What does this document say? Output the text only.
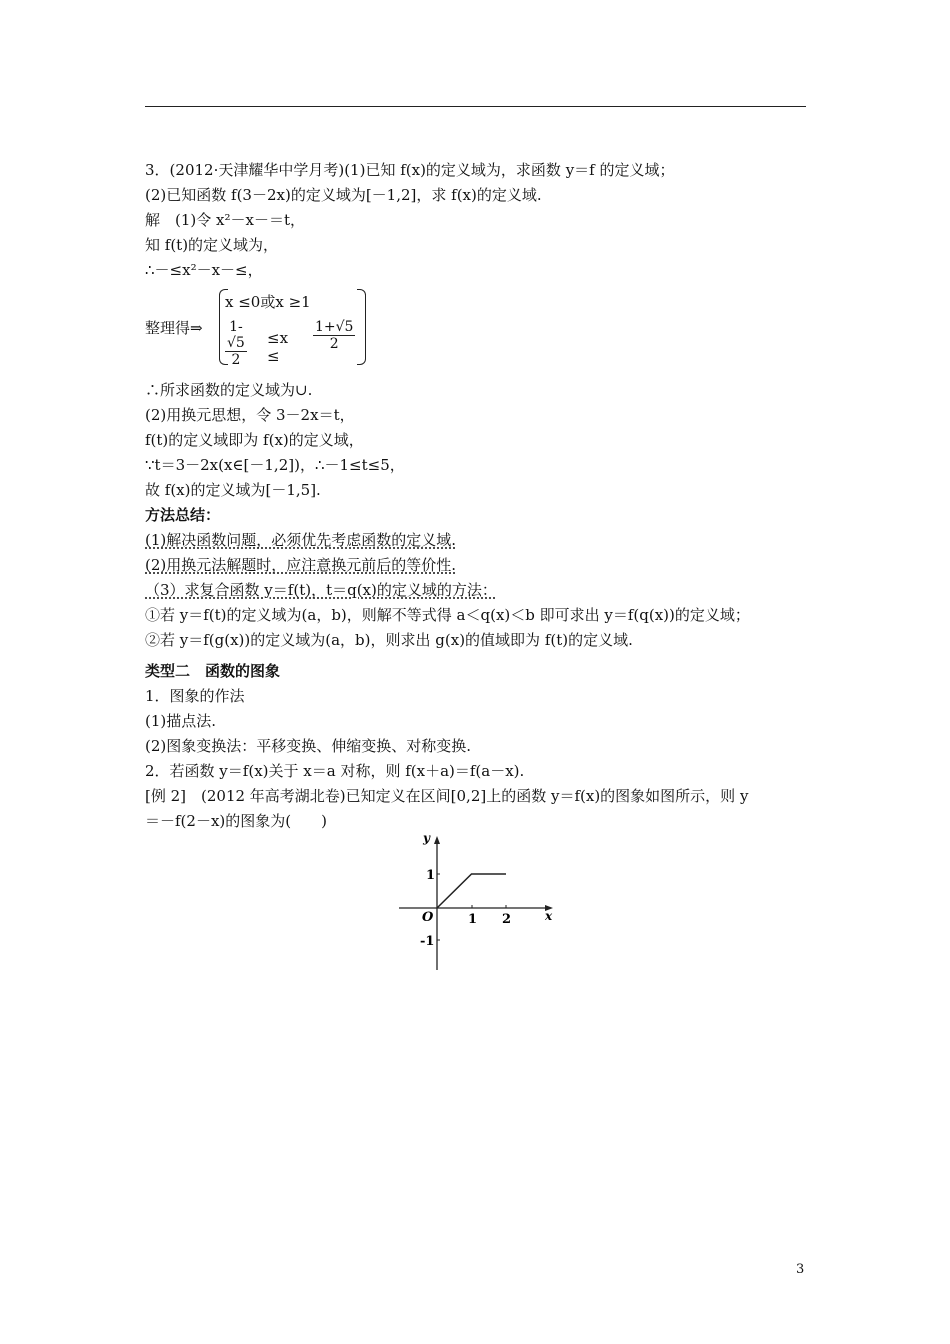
3．(2012·天津耀华中学月考)(1)已知 f(x)的定义域为，求函数 y＝f 的定义域；
(2)已知函数 f(3－2x)的定义域为[－1,2]，求 f(x)的定义域.
解　(1)令 x²－x－＝t，
知 f(t)的定义域为，
∴－≤x²－x－≤，
整理得⇒
x ≤0或x ≥1
$\frac{1-√5}{2} \le x$ ≤
$\frac{1+√5}{2}$
∴所求函数的定义域为∪.
(2)用换元思想，令 3－2x＝t，
f(t)的定义域即为 f(x)的定义域，
∵t＝3－2x(x∈[－1,2])，∴－1≤t≤5，
故 f(x)的定义域为[－1,5].
方法总结：
(1)解决函数问题，必须优先考虑函数的定义域.
(2)用换元法解题时，应注意换元前后的等价性.
（3）求复合函数 y＝f(t)，t＝q(x)的定义域的方法：
①若 y＝f(t)的定义域为(a，b)，则解不等式得 a＜q(x)＜b 即可求出 y＝f(q(x))的定义域；
②若 y＝f(g(x))的定义域为(a，b)，则求出 g(x)的值域即为 f(t)的定义域.
类型二　函数的图象
1．图象的作法
(1)描点法.
(2)图象变换法：平移变换、伸缩变换、对称变换.
2．若函数 y＝f(x)关于 x＝a 对称，则 f(x＋a)＝f(a－x).
[例 2]　(2012 年高考湖北卷)已知定义在区间[0,2]上的函数 y＝f(x)的图象如图所示，则 y
＝－f(2－x)的图象为(　　)
y
x
O
1
-1
1 2
3
